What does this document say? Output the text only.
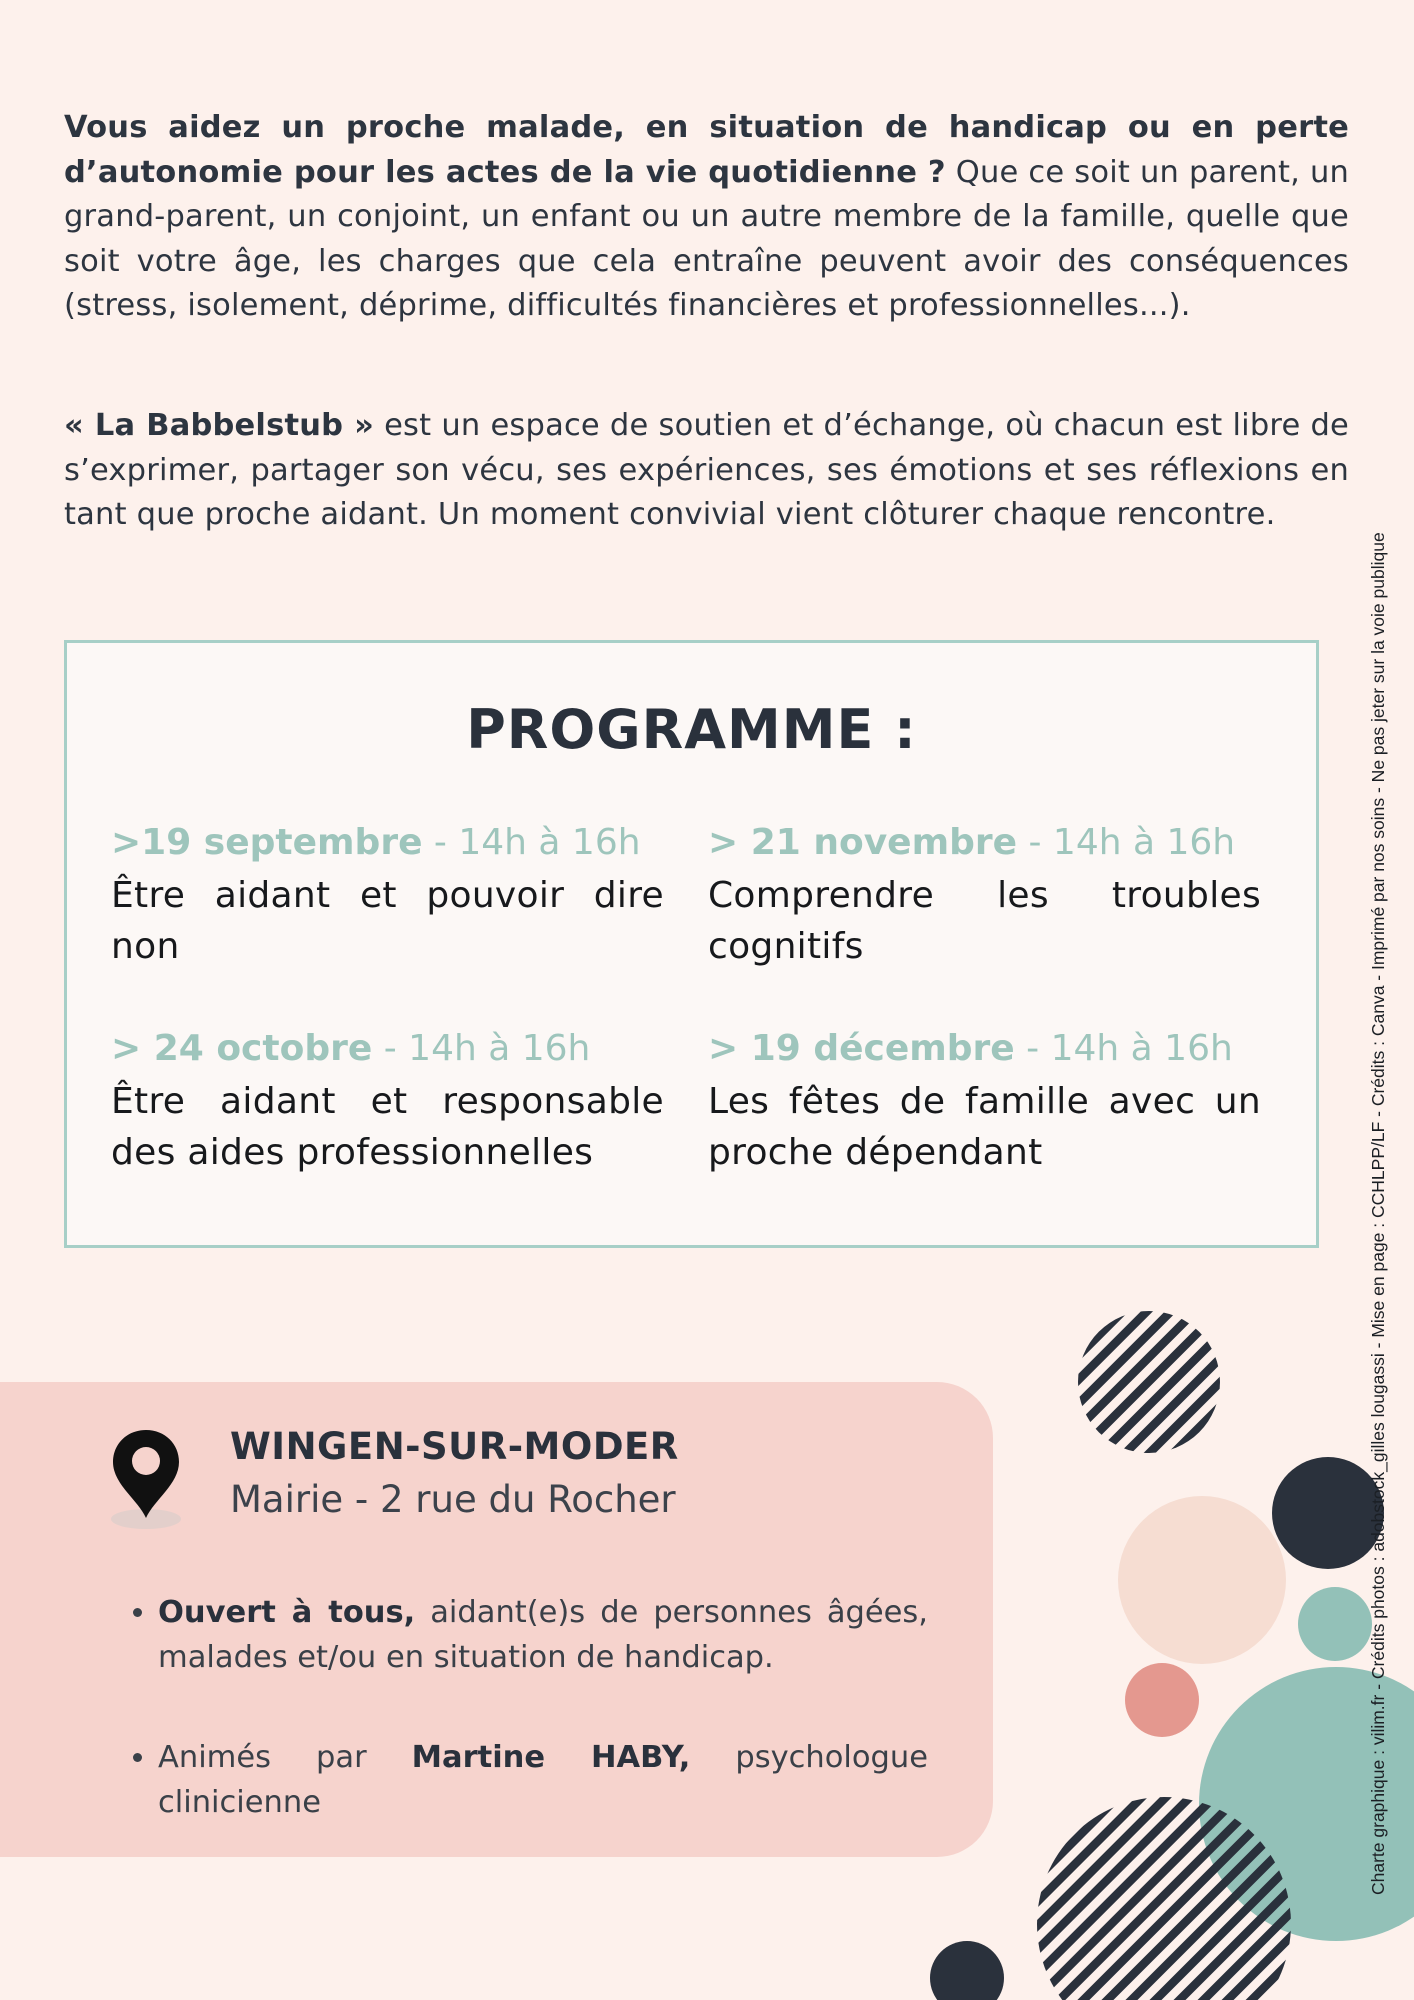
Vous aidez un proche malade, en situation de handicap ou en perte d’autonomie pour les actes de la vie quotidienne ? Que ce soit un parent, un grand-parent, un conjoint, un enfant ou un autre membre de la famille, quelle que soit votre âge, les charges que cela entraîne peuvent avoir des conséquences (stress, isolement, déprime, difficultés financières et professionnelles...).

« La Babbelstub » est un espace de soutien et d’échange, où chacun est libre de s’exprimer, partager son vécu, ses expériences, ses émotions et ses réflexions en tant que proche aidant. Un moment convivial vient clôturer chaque rencontre.

PROGRAMME :
>19 septembre - 14h à 16h
Être aidant et pouvoir dire non
> 21 novembre - 14h à 16h
Comprendre les troubles cognitifs
> 24 octobre - 14h à 16h
Être aidant et responsable des aides professionnelles
> 19 décembre - 14h à 16h
Les fêtes de famille avec un proche dépendant
WINGEN-SUR-MODER
Mairie - 2 rue du Rocher
• Ouvert à tous, aidant(e)s de personnes âgées, malades et/ou en situation de handicap.
• Animés par Martine HABY, psychologue clinicienne	Charte graphique : vilim.fr - Crédits photos : adobstock_gilles lougassi - Mise en page : CCHLPP/LF - Crédits : Canva - Imprimé par nos soins - Ne pas jeter sur la voie publique
